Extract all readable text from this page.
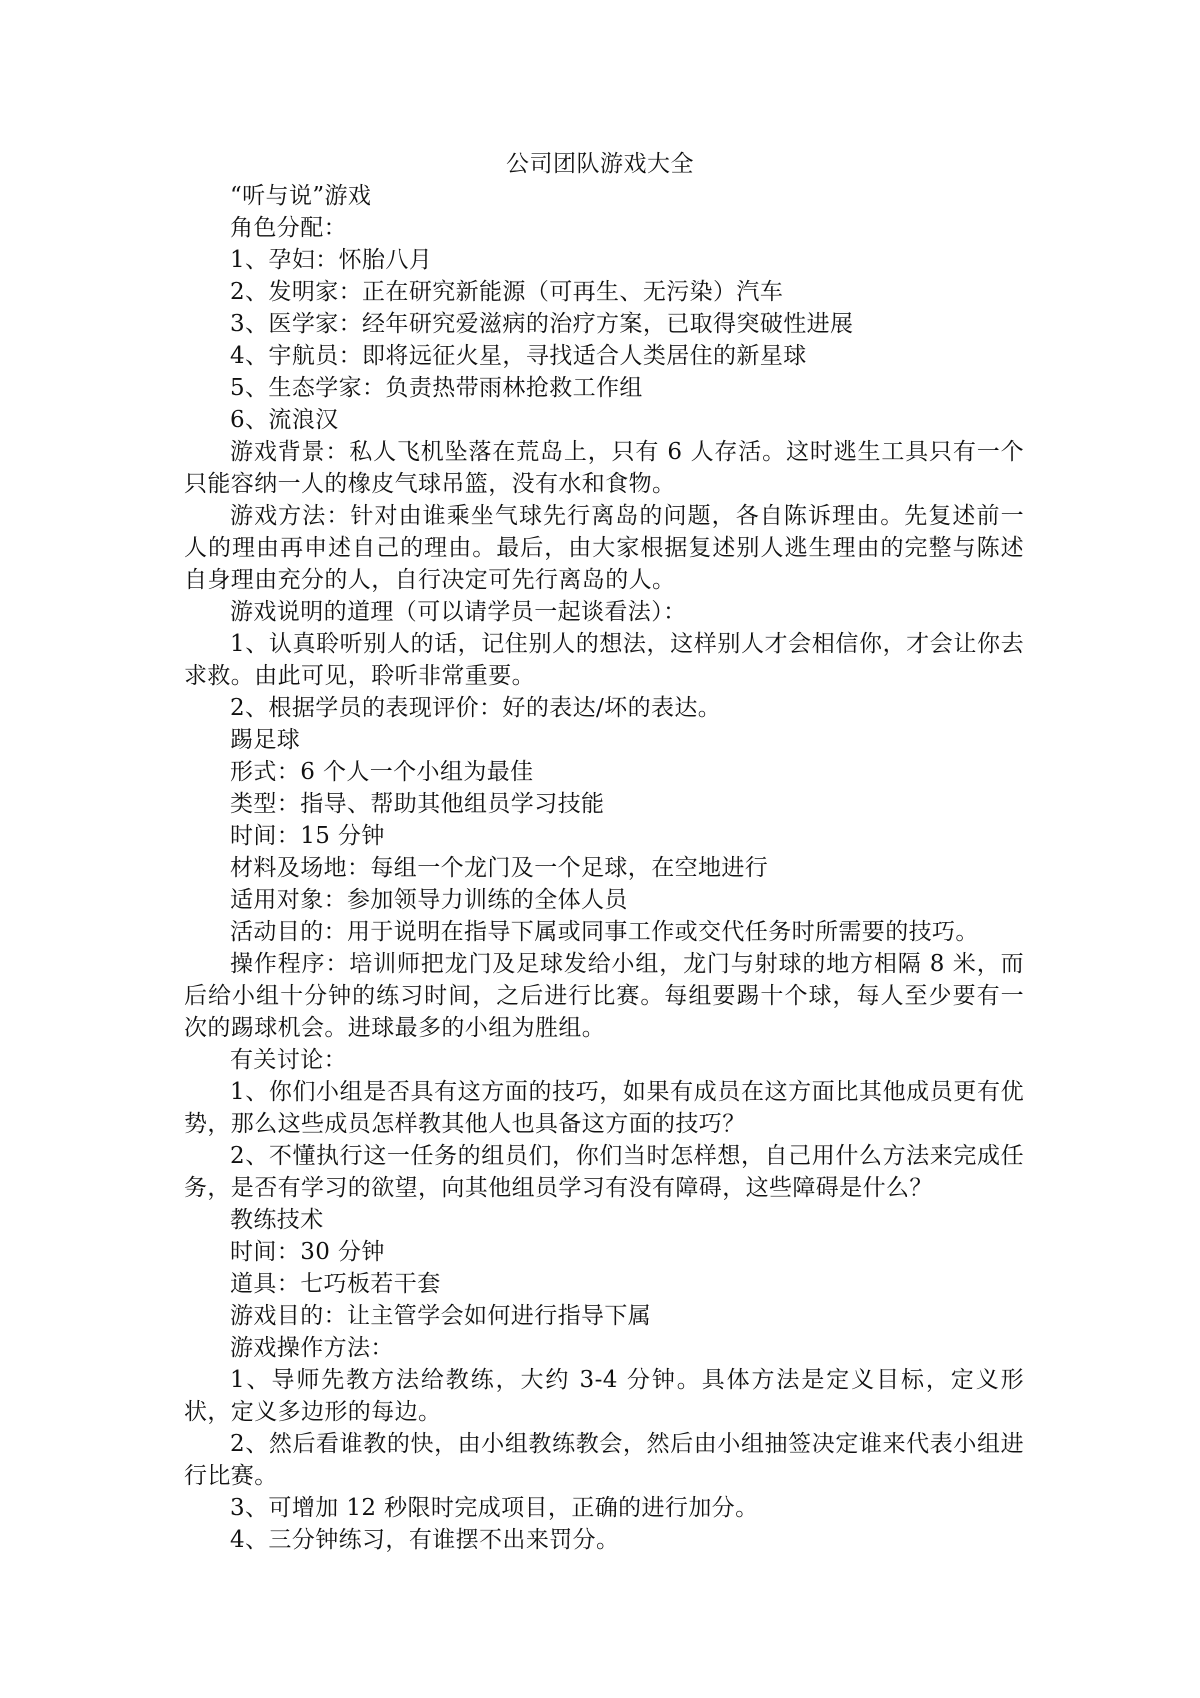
公司团队游戏大全

“听与说”游戏

角色分配：

1、孕妇：怀胎八月

2、发明家：正在研究新能源（可再生、无污染）汽车

3、医学家：经年研究爱滋病的治疗方案，已取得突破性进展

4、宇航员：即将远征火星，寻找适合人类居住的新星球

5、生态学家：负责热带雨林抢救工作组

6、流浪汉

游戏背景：私人飞机坠落在荒岛上，只有 6 人存活。这时逃生工具只有一个只能容纳一人的橡皮气球吊篮，没有水和食物。

游戏方法：针对由谁乘坐气球先行离岛的问题，各自陈诉理由。先复述前一人的理由再申述自己的理由。最后，由大家根据复述别人逃生理由的完整与陈述自身理由充分的人，自行决定可先行离岛的人。

游戏说明的道理（可以请学员一起谈看法）：

1、认真聆听别人的话，记住别人的想法，这样别人才会相信你，才会让你去求救。由此可见，聆听非常重要。

2、根据学员的表现评价：好的表达/坏的表达。

踢足球

形式：6 个人一个小组为最佳

类型：指导、帮助其他组员学习技能

时间：15 分钟

材料及场地：每组一个龙门及一个足球，在空地进行

适用对象：参加领导力训练的全体人员

活动目的：用于说明在指导下属或同事工作或交代任务时所需要的技巧。

操作程序：培训师把龙门及足球发给小组，龙门与射球的地方相隔 8 米，而后给小组十分钟的练习时间，之后进行比赛。每组要踢十个球，每人至少要有一次的踢球机会。进球最多的小组为胜组。

有关讨论：

1、你们小组是否具有这方面的技巧，如果有成员在这方面比其他成员更有优势，那么这些成员怎样教其他人也具备这方面的技巧？

2、不懂执行这一任务的组员们，你们当时怎样想，自己用什么方法来完成任务，是否有学习的欲望，向其他组员学习有没有障碍，这些障碍是什么？

教练技术

时间：30 分钟

道具：七巧板若干套

游戏目的：让主管学会如何进行指导下属

游戏操作方法：

1、导师先教方法给教练，大约 3-4 分钟。具体方法是定义目标，定义形状，定义多边形的每边。

2、然后看谁教的快，由小组教练教会，然后由小组抽签决定谁来代表小组进行比赛。

3、可增加 12 秒限时完成项目，正确的进行加分。

4、三分钟练习，有谁摆不出来罚分。
